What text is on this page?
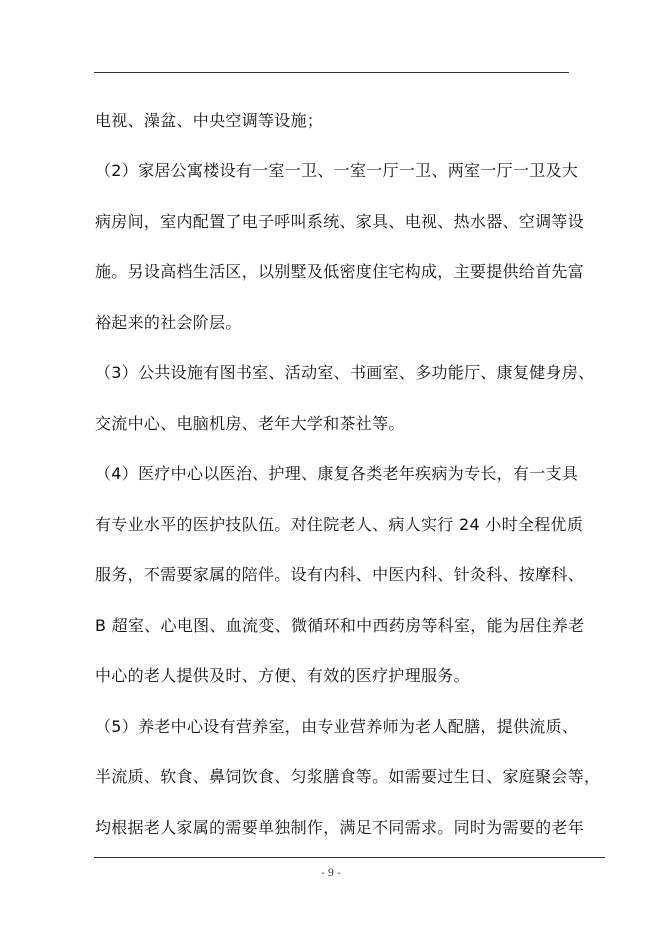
电视、澡盆、中央空调等设施；
（2）家居公寓楼设有一室一卫、一室一厅一卫、两室一厅一卫及大
病房间，室内配置了电子呼叫系统、家具、电视、热水器、空调等设
施。另设高档生活区，以别墅及低密度住宅构成，主要提供给首先富
裕起来的社会阶层。
（3）公共设施有图书室、活动室、书画室、多功能厅、康复健身房、
交流中心、电脑机房、老年大学和茶社等。
（4）医疗中心以医治、护理、康复各类老年疾病为专长，有一支具
有专业水平的医护技队伍。对住院老人、病人实行 24 小时全程优质
服务，不需要家属的陪伴。设有内科、中医内科、针灸科、按摩科、
B 超室、心电图、血流变、微循环和中西药房等科室，能为居住养老
中心的老人提供及时、方便、有效的医疗护理服务。
（5）养老中心设有营养室，由专业营养师为老人配膳，提供流质、
半流质、软食、鼻饲饮食、匀浆膳食等。如需要过生日、家庭聚会等，
均根据老人家属的需要单独制作，满足不同需求。同时为需要的老年
- 9 -
